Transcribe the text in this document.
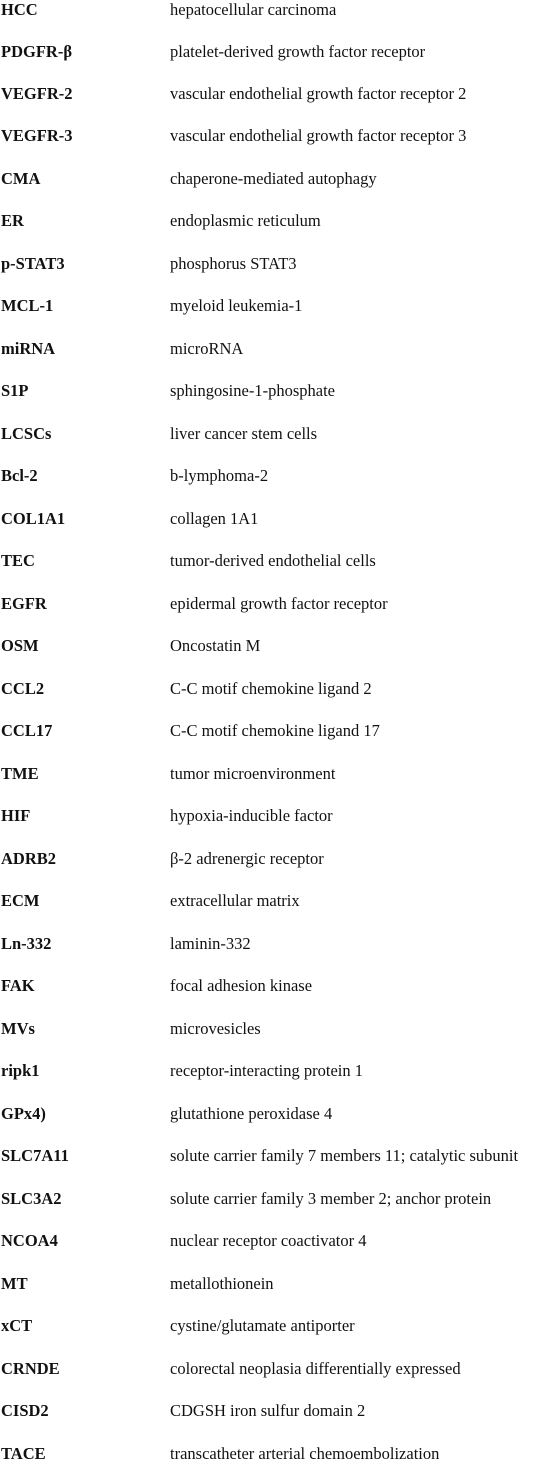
HCC	hepatocellular carcinoma
PDGFR-β	platelet-derived growth factor receptor
VEGFR-2	vascular endothelial growth factor receptor 2
VEGFR-3	vascular endothelial growth factor receptor 3
CMA	chaperone-mediated autophagy
ER	endoplasmic reticulum
p-STAT3	phosphorus STAT3
MCL-1	myeloid leukemia-1
miRNA	microRNA
S1P	sphingosine-1-phosphate
LCSCs	liver cancer stem cells
Bcl-2	b-lymphoma-2
COL1A1	collagen 1A1
TEC	tumor-derived endothelial cells
EGFR	epidermal growth factor receptor
OSM	Oncostatin M
CCL2	C-C motif chemokine ligand 2
CCL17	C-C motif chemokine ligand 17
TME	tumor microenvironment
HIF	hypoxia-inducible factor
ADRB2	β-2 adrenergic receptor
ECM	extracellular matrix
Ln-332	laminin-332
FAK	focal adhesion kinase
MVs	microvesicles
ripk1	receptor-interacting protein 1
GPx4)	glutathione peroxidase 4
SLC7A11	solute carrier family 7 members 11; catalytic subunit
SLC3A2	solute carrier family 3 member 2; anchor protein
NCOA4	nuclear receptor coactivator 4
MT	metallothionein
xCT	cystine/glutamate antiporter
CRNDE	colorectal neoplasia differentially expressed
CISD2	CDGSH iron sulfur domain 2
TACE	transcatheter arterial chemoembolization
